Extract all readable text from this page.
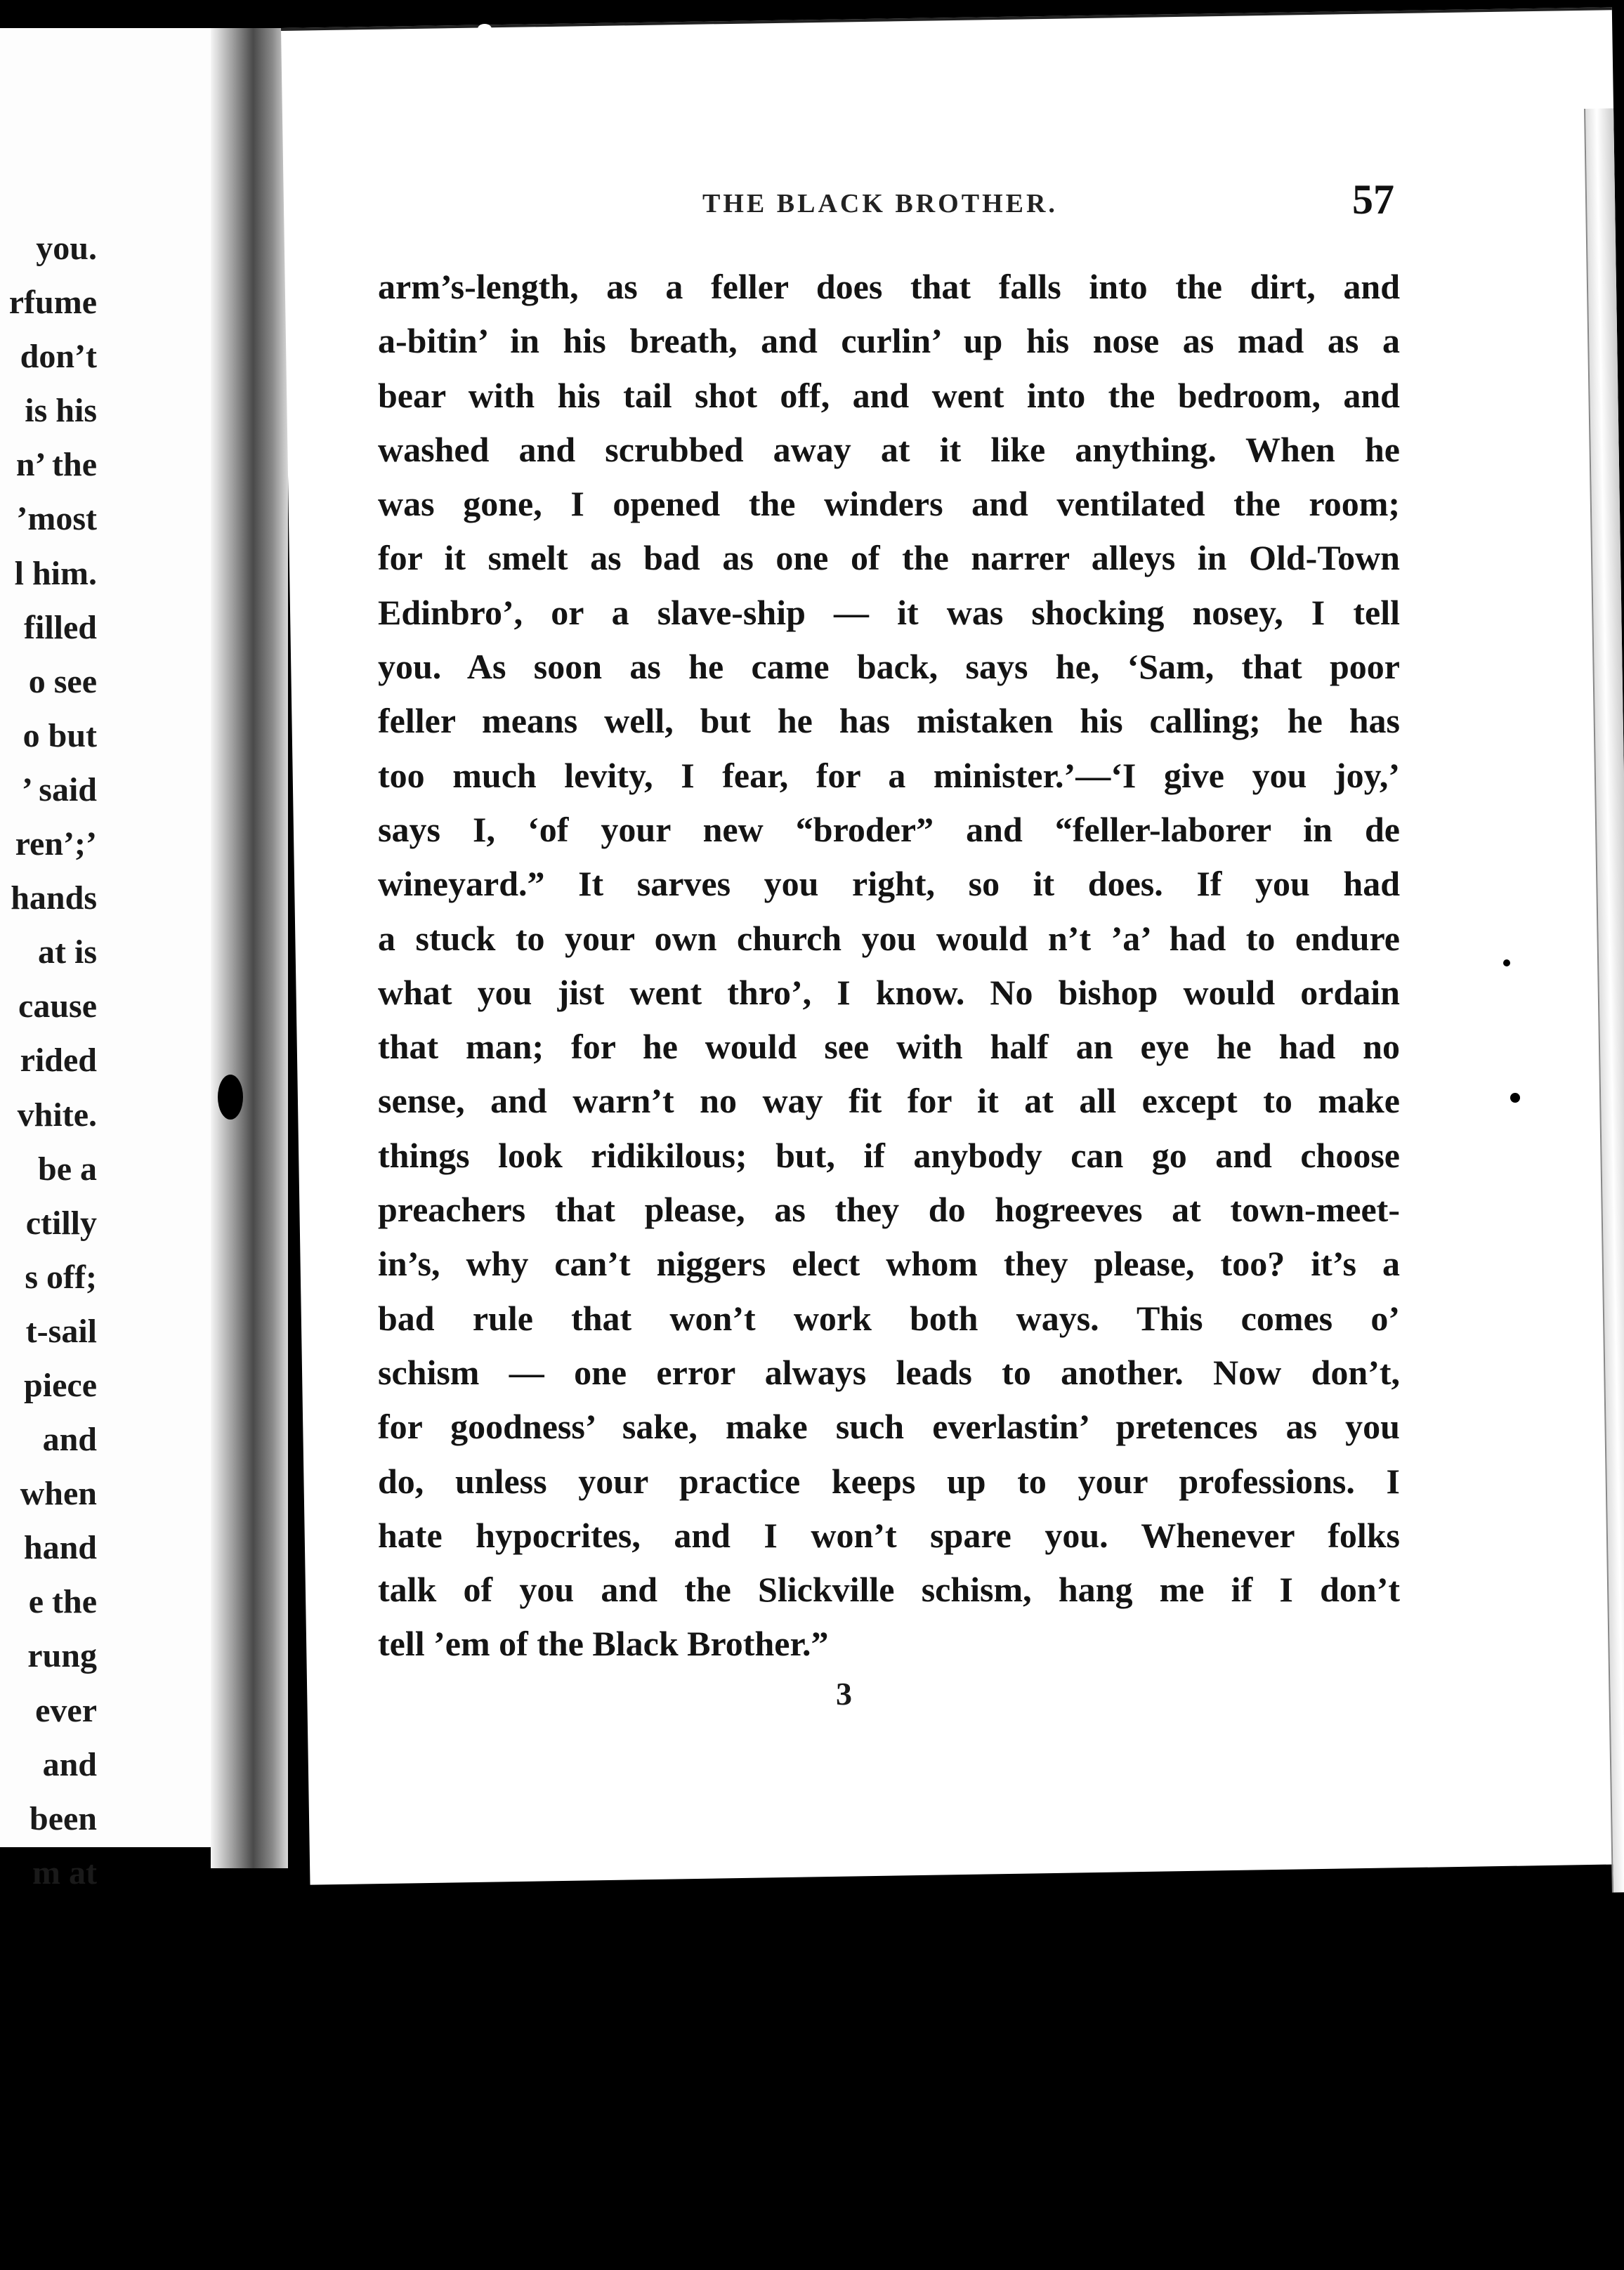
you.
rfume
don’t
is his
n’ the
’most
l him.
filled
o see
o but
’ said
ren’;’
hands
at is
cause
rided
vhite.
be a
ctilly
s off;
t-sail
piece
and
when
hand
e the
rung
ever
and
been
m at
THE BLACK BROTHER.	57
arm’s-length, as a feller does that falls into the dirt, and
a-bitin’ in his breath, and curlin’ up his nose as mad as a
bear with his tail shot off, and went into the bedroom, and
washed and scrubbed away at it like anything. When he
was gone, I opened the winders and ventilated the room;
for it smelt as bad as one of the narrer alleys in Old-Town
Edinbro’, or a slave-ship — it was shocking nosey, I tell
you. As soon as he came back, says he, ‘Sam, that poor
feller means well, but he has mistaken his calling; he has
too much levity, I fear, for a minister.’—‘I give you joy,’
says I, ‘of your new “broder” and “feller-laborer in de
wineyard.” It sarves you right, so it does. If you had
a stuck to your own church you would n’t ’a’ had to endure
what you jist went thro’, I know. No bishop would ordain
that man; for he would see with half an eye he had no
sense, and warn’t no way fit for it at all except to make
things look ridikilous; but, if anybody can go and choose
preachers that please, as they do hogreeves at town-meet-
in’s, why can’t niggers elect whom they please, too? it’s a
bad rule that won’t work both ways. This comes o’
schism — one error always leads to another. Now don’t,
for goodness’ sake, make such everlastin’ pretences as you
do, unless your practice keeps up to your professions. I
hate hypocrites, and I won’t spare you. Whenever folks
talk of you and the Slickville schism, hang me if I don’t
tell ’em of the Black Brother.”
3
